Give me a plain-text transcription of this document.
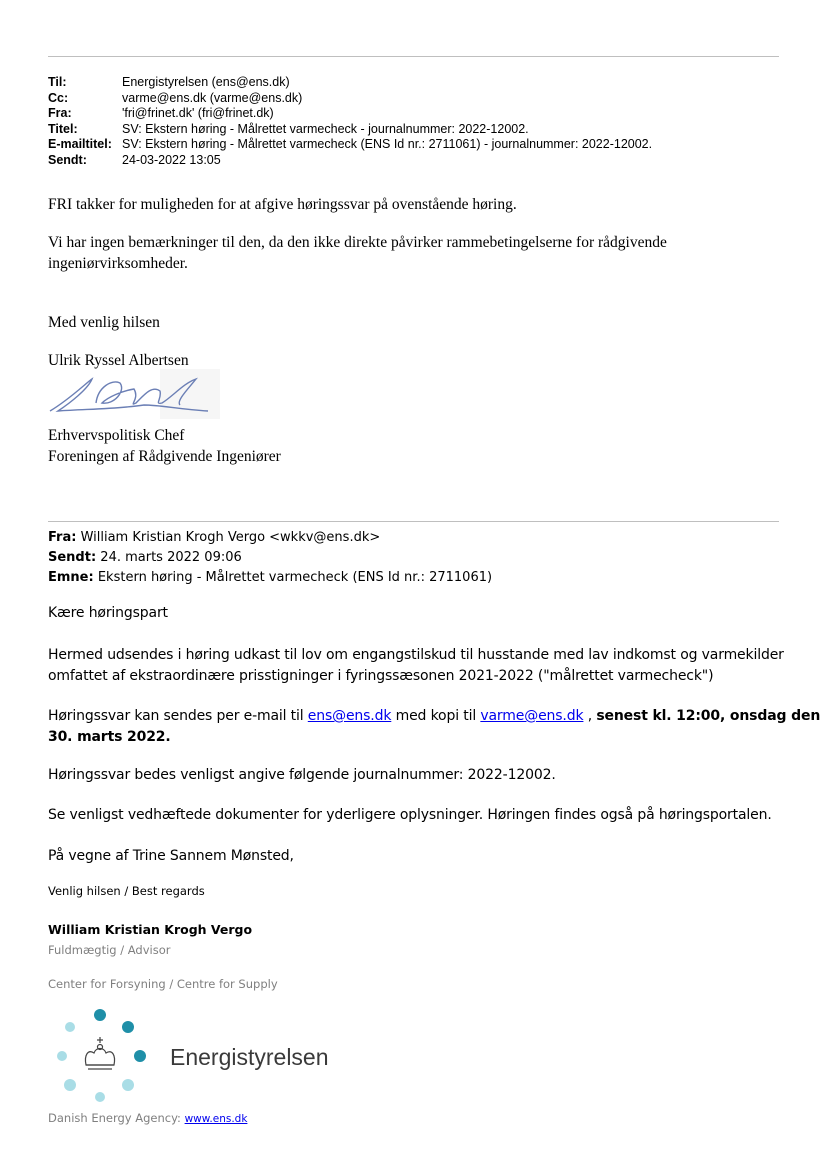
Til:	Energistyrelsen (ens@ens.dk)
Cc:	varme@ens.dk (varme@ens.dk)
Fra:	'fri@frinet.dk' (fri@frinet.dk)
Titel:	SV: Ekstern høring - Målrettet varmecheck - journalnummer: 2022-12002.
E-mailtitel: SV: Ekstern høring - Målrettet varmecheck (ENS Id nr.: 2711061) - journalnummer: 2022-12002.
Sendt:	24-03-2022 13:05
FRI takker for muligheden for at afgive høringssvar på ovenstående høring.
Vi har ingen bemærkninger til den, da den ikke direkte påvirker rammebetingelserne for rådgivende
ingeniørvirksomheder.
Med venlig hilsen
Ulrik Ryssel Albertsen
Erhvervspolitisk Chef
Foreningen af Rådgivende Ingeniører
Fra: William Kristian Krogh Vergo <wkkv@ens.dk>
Sendt: 24. marts 2022 09:06
Emne: Ekstern høring - Målrettet varmecheck (ENS Id nr.: 2711061)
Kære høringspart
Hermed udsendes i høring udkast til lov om engangstilskud til husstande med lav indkomst og varmekilder
omfattet af ekstraordinære prisstigninger i fyringssæsonen 2021-2022 ("målrettet varmecheck")
Høringssvar kan sendes per e-mail til ens@ens.dk med kopi til varme@ens.dk , senest kl. 12:00, onsdag den
30. marts 2022.
Høringssvar bedes venligst angive følgende journalnummer: 2022-12002.
Se venligst vedhæftede dokumenter for yderligere oplysninger. Høringen findes også på høringsportalen.
På vegne af Trine Sannem Mønsted,
Venlig hilsen / Best regards
William Kristian Krogh Vergo
Fuldmægtig / Advisor
Center for Forsyning / Centre for Supply
Energistyrelsen
Danish Energy Agency: www.ens.dk
